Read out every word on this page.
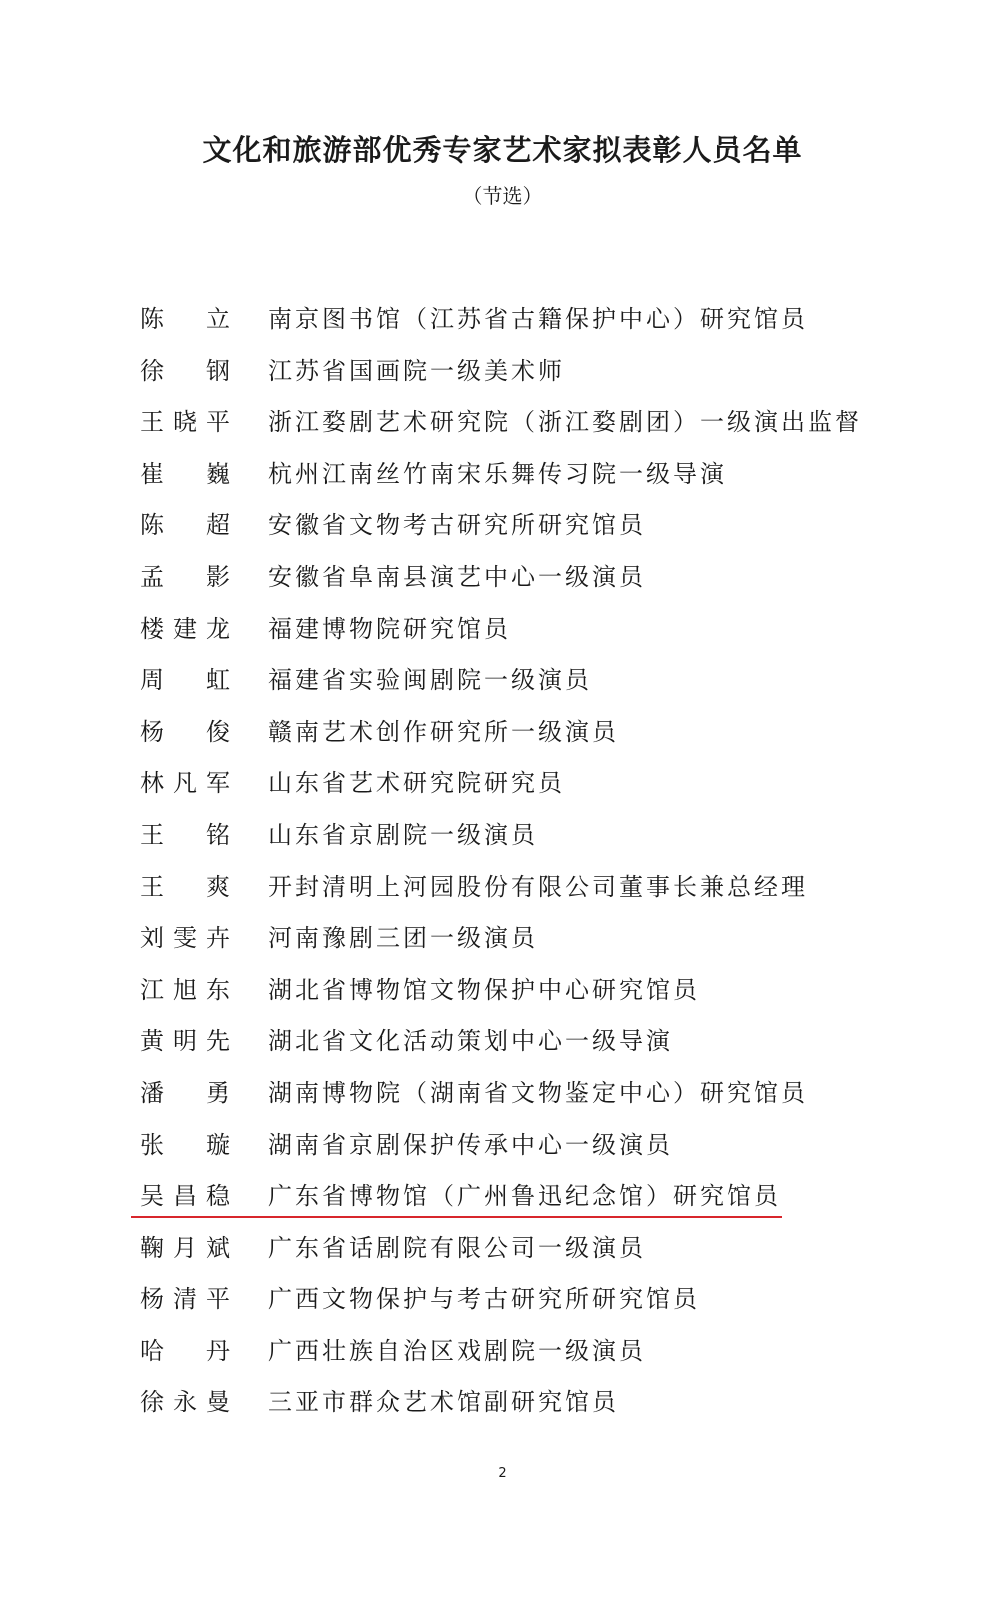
文化和旅游部优秀专家艺术家拟表彰人员名单

（节选）

陈 立 南京图书馆（江苏省古籍保护中心）研究馆员
徐 钢 江苏省国画院一级美术师
王 晓 平 浙江婺剧艺术研究院（浙江婺剧团）一级演出监督
崔 巍 杭州江南丝竹南宋乐舞传习院一级导演
陈 超 安徽省文物考古研究所研究馆员
孟 影 安徽省阜南县演艺中心一级演员
楼 建 龙 福建博物院研究馆员
周 虹 福建省实验闽剧院一级演员
杨 俊 赣南艺术创作研究所一级演员
林 凡 军 山东省艺术研究院研究员
王 铭 山东省京剧院一级演员
王 爽 开封清明上河园股份有限公司董事长兼总经理
刘 雯 卉 河南豫剧三团一级演员
江 旭 东 湖北省博物馆文物保护中心研究馆员
黄 明 先 湖北省文化活动策划中心一级导演
潘 勇 湖南博物院（湖南省文物鉴定中心）研究馆员
张 璇 湖南省京剧保护传承中心一级演员
吴 昌 稳 广东省博物馆（广州鲁迅纪念馆）研究馆员
鞠 月 斌 广东省话剧院有限公司一级演员
杨 清 平 广西文物保护与考古研究所研究馆员
哈 丹 广西壮族自治区戏剧院一级演员
徐 永 曼 三亚市群众艺术馆副研究馆员

2
